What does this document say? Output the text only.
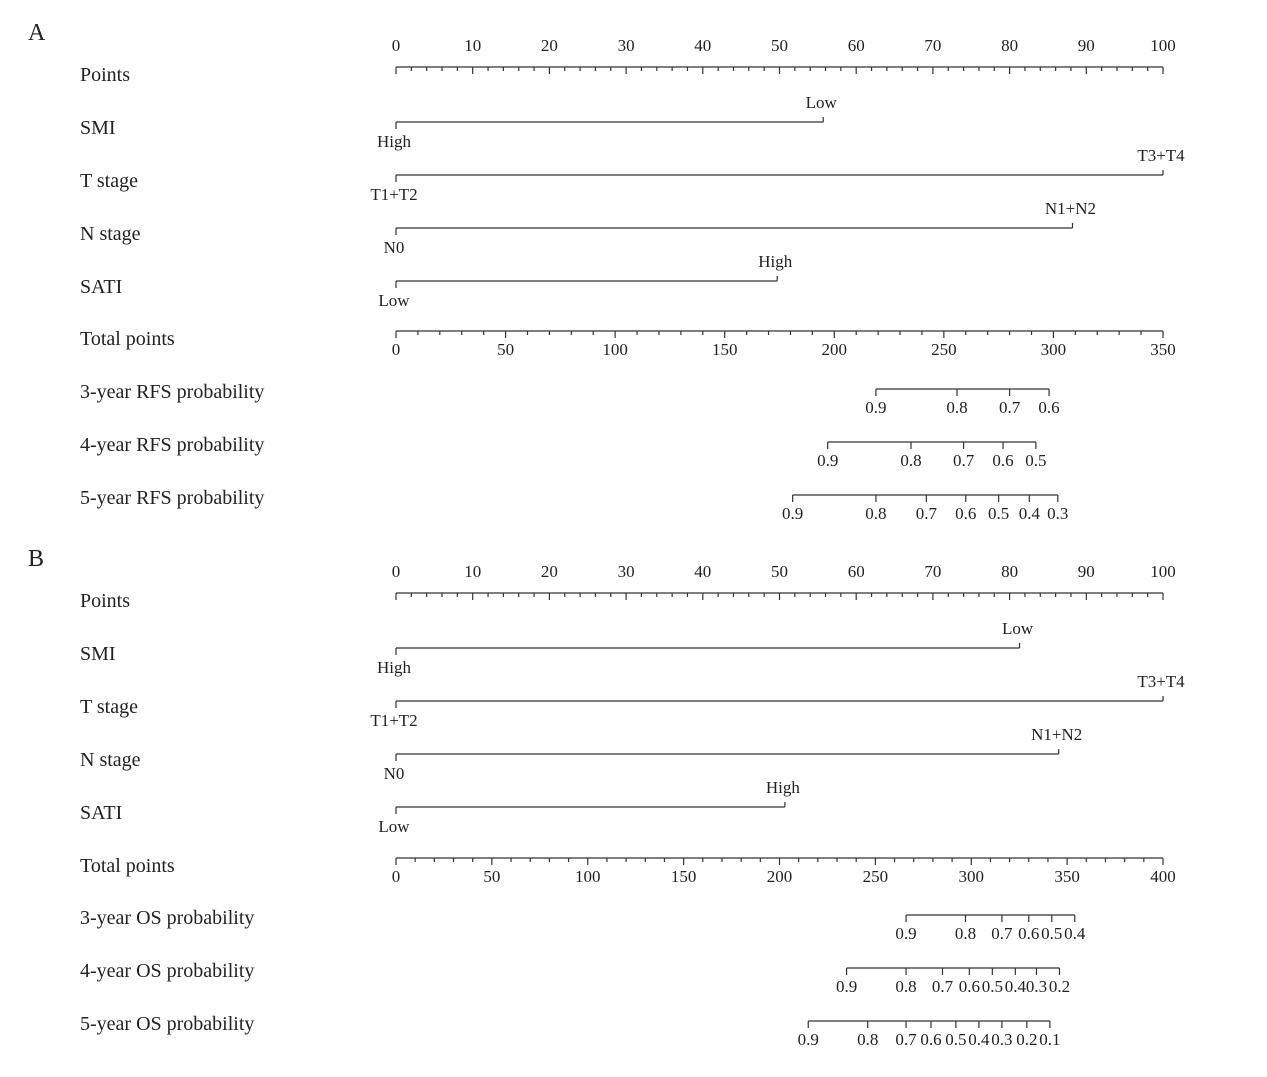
A
Points
0	10	20	30	40	50	60	70	80	90	100
SMI
High
Low
T stage
T1+T2
T3+T4
N stage
N0
N1+N2
SATI
Low
High
Total points	0	50	100	150	200	250	300	350
3-year RFS probability
0.9	0.8 0.7 0.6
4-year RFS probability
0.9	0.8 0.7 0.6 0.5
5-year RFS probability
0.9	0.8 0.7 0.6 0.5 0.4 0.3
B
Points
0	10	20	30	40	50	60	70	80	90	100
SMI
High
Low
T stage
T1+T2
T3+T4
N stage
N0
N1+N2
SATI
Low
High
Total points	0	50	100	150	200	250	300	350	400
3-year OS probability
0.9 0.8 0.7 0.6 0.5 0.4
4-year OS probability
0.9 0.8 0.7 0.6 0.5 0.4 0.3 0.2
5-year OS probability
0.9 0.8 0.7 0.6 0.5 0.4 0.3 0.2 0.1
